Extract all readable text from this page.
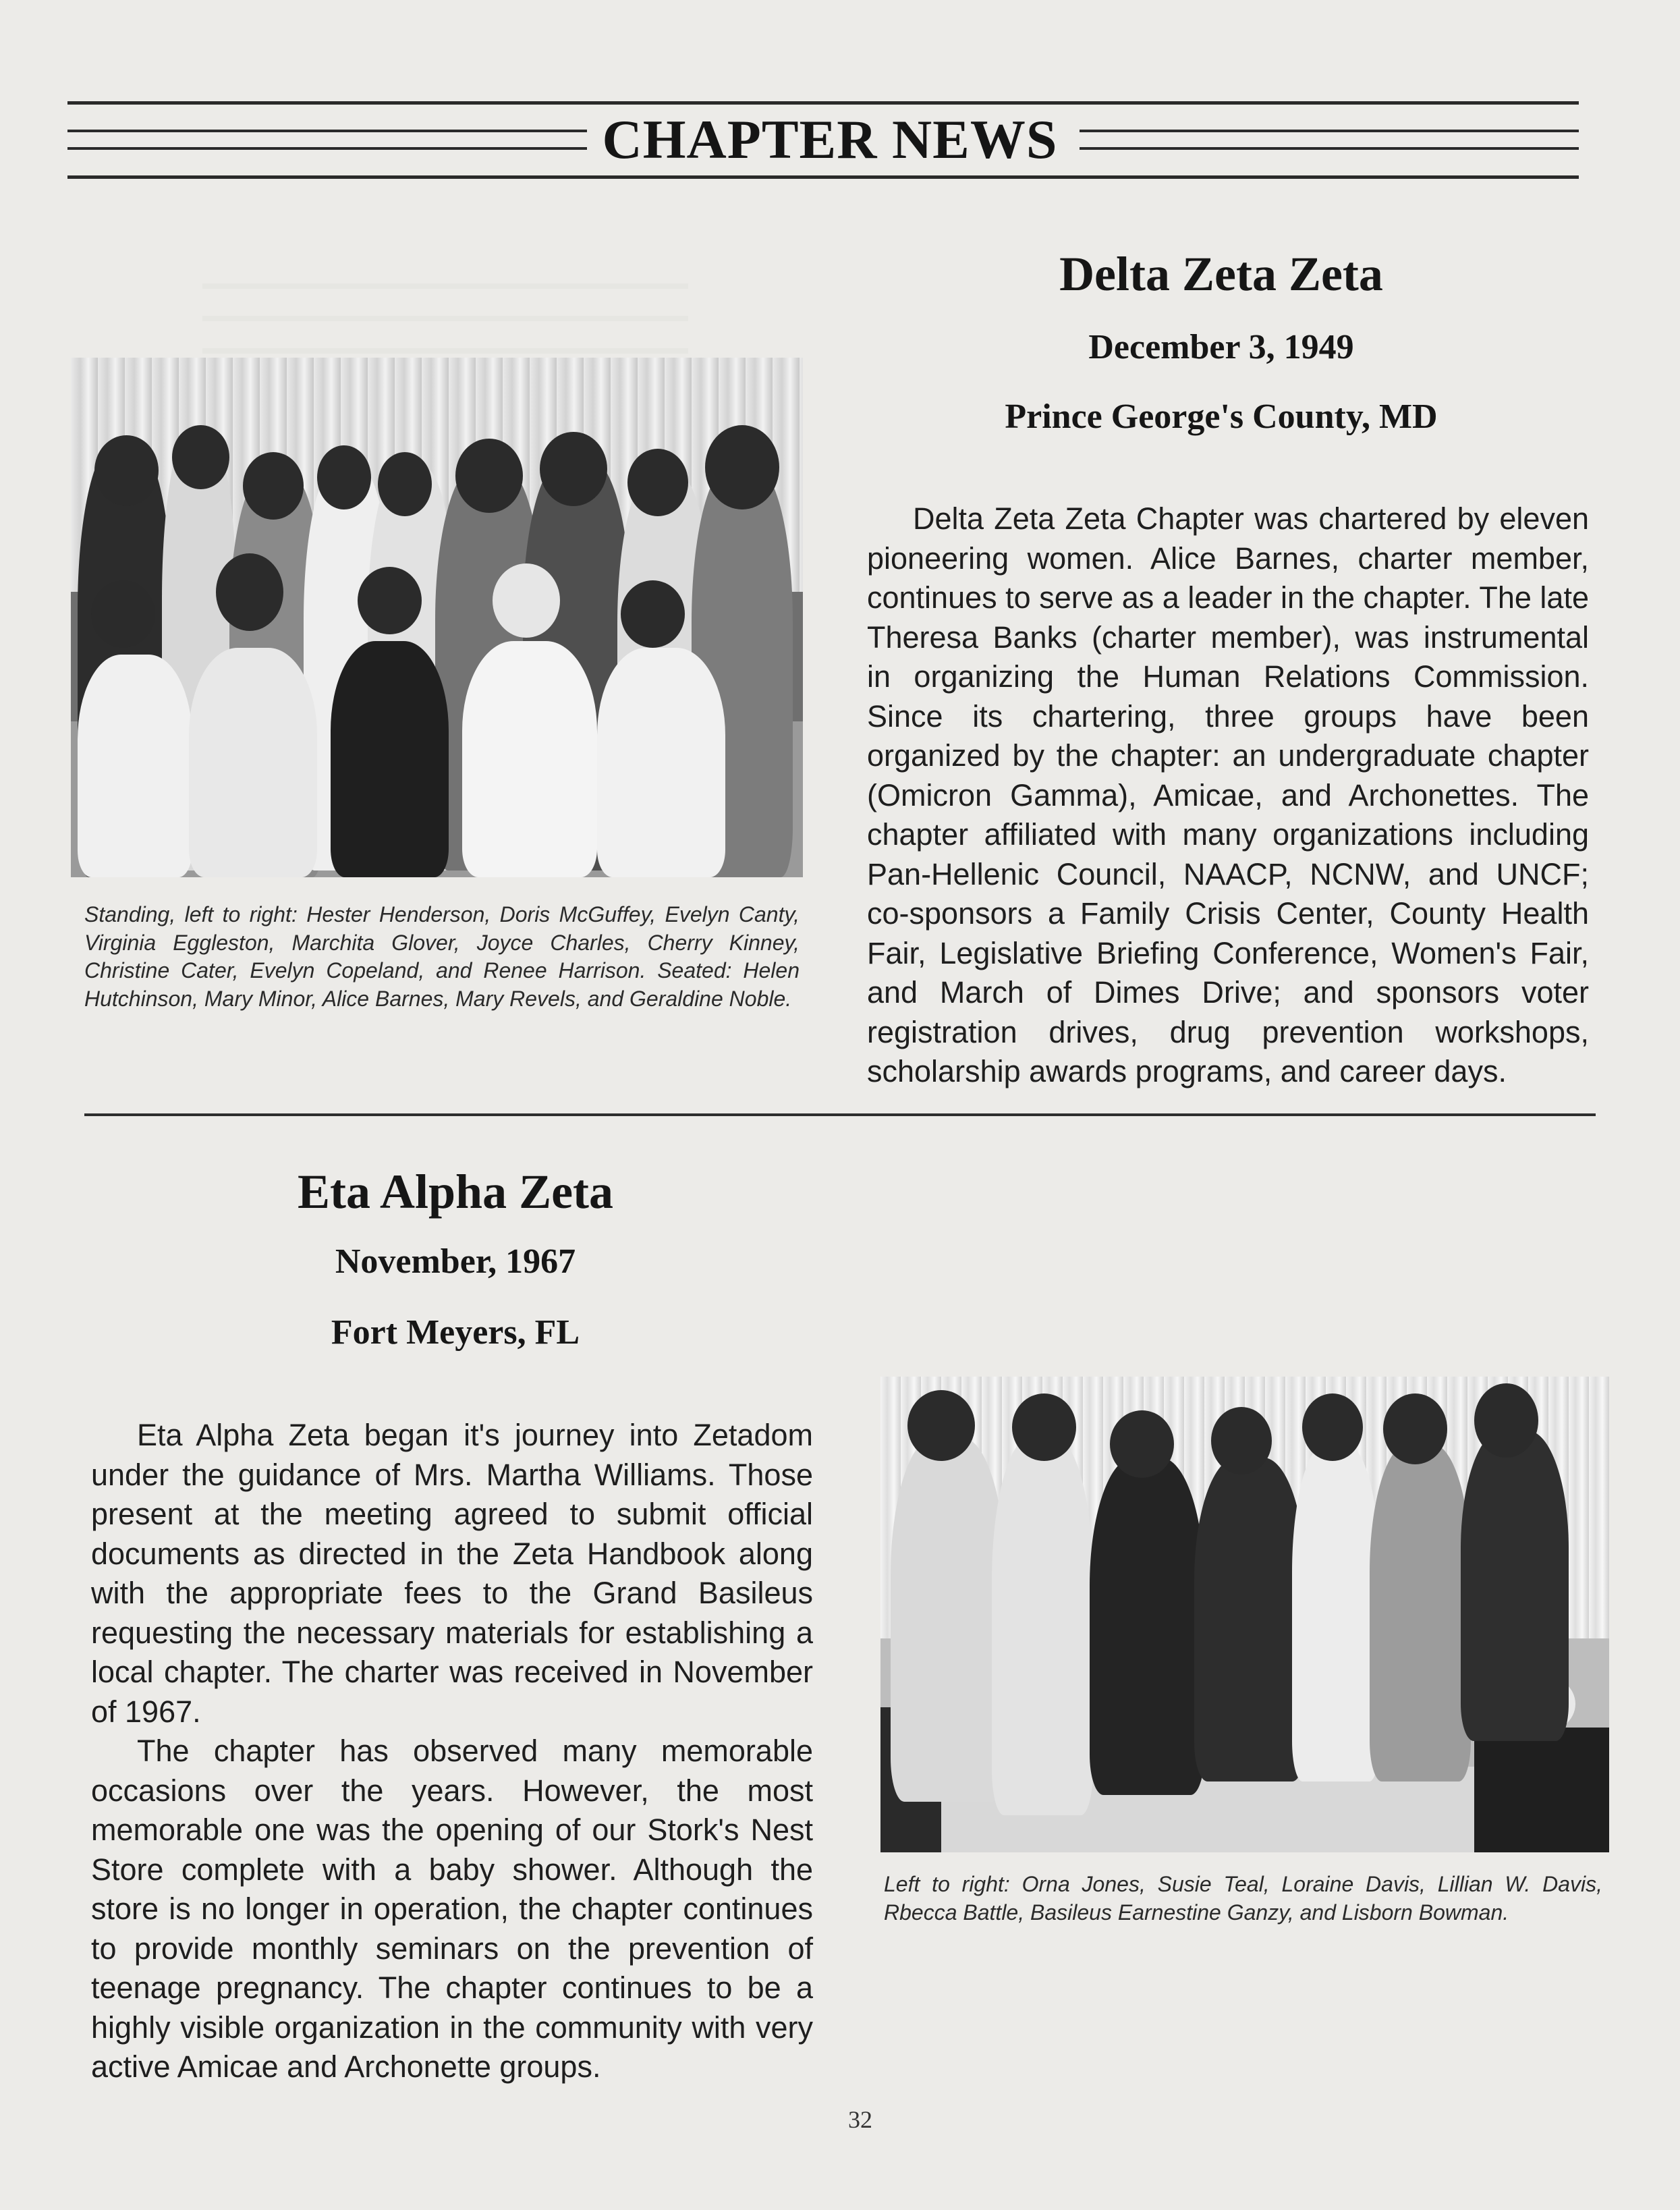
CHAPTER NEWS
Standing, left to right: Hester Henderson, Doris McGuffey, Evelyn Canty, Virginia Eggleston, Marchita Glover, Joyce Charles, Cherry Kinney, Christine Cater, Evelyn Copeland, and Renee Harrison. Seated: Helen Hutchinson, Mary Minor, Alice Barnes, Mary Revels, and Geraldine Noble.
Delta Zeta Zeta
December 3, 1949
Prince George's County, MD

Delta Zeta Zeta Chapter was chartered by eleven pioneering women. Alice Barnes, charter member, continues to serve as a leader in the chapter. The late Theresa Banks (charter member), was instrumental in organizing the Human Relations Commission. Since its chartering, three groups have been organized by the chapter: an undergraduate chapter (Omicron Gamma), Amicae, and Archonettes. The chapter affiliated with many organizations including Pan-Hellenic Council, NAACP, NCNW, and UNCF; co-sponsors a Family Crisis Center, County Health Fair, Legislative Briefing Conference, Women's Fair, and March of Dimes Drive; and sponsors voter registration drives, drug prevention workshops, scholarship awards programs, and career days.

Eta Alpha Zeta
November, 1967
Fort Meyers, FL

Eta Alpha Zeta began it's journey into Zetadom under the guidance of Mrs. Martha Williams. Those present at the meeting agreed to submit official documents as directed in the Zeta Handbook along with the appropriate fees to the Grand Basileus requesting the necessary materials for establishing a local chapter. The charter was received in November of 1967.

The chapter has observed many memorable occasions over the years. However, the most memorable one was the opening of our Stork's Nest Store complete with a baby shower. Although the store is no longer in operation, the chapter continues to provide monthly seminars on the prevention of teenage pregnancy. The chapter continues to be a highly visible organization in the community with very active Amicae and Archonette groups.

Left to right: Orna Jones, Susie Teal, Loraine Davis, Lillian W. Davis, Rbecca Battle, Basileus Earnestine Ganzy, and Lisborn Bowman.
32
